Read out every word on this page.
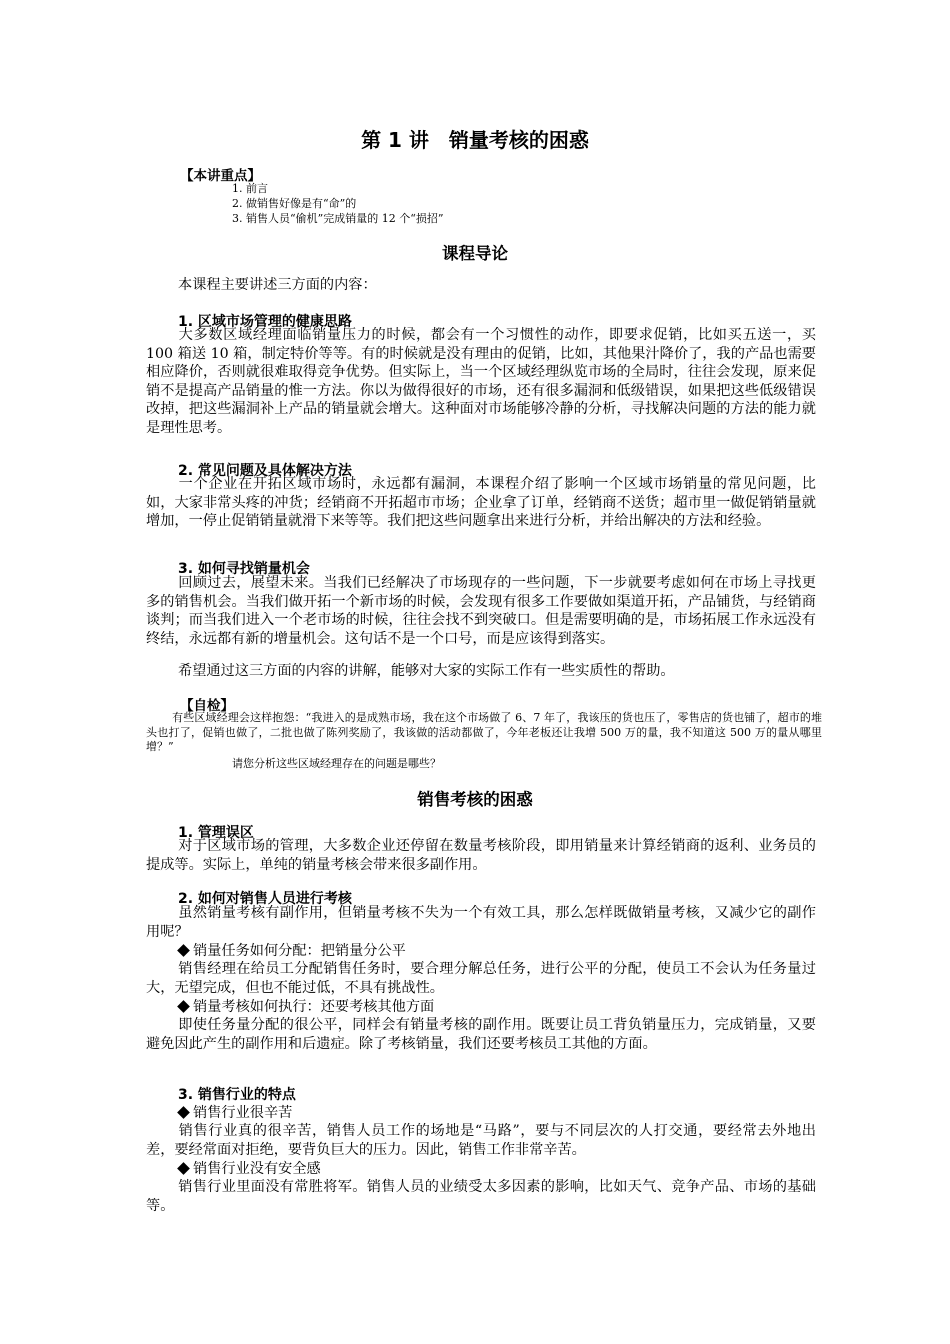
第 1 讲　销量考核的困惑
【本讲重点】
1. 前言
2. 做销售好像是有“命”的
3. 销售人员“偷机”完成销量的 12 个“损招”
课程导论
本课程主要讲述三方面的内容：
1. 区域市场管理的健康思路
大多数区域经理面临销量压力的时候，都会有一个习惯性的动作，即要求促销，比如买五送一，买 100 箱送 10 箱，制定特价等等。有的时候就是没有理由的促销，比如，其他果汁降价了，我的产品也需要相应降价，否则就很难取得竞争优势。但实际上，当一个区域经理纵览市场的全局时，往往会发现，原来促销不是提高产品销量的惟一方法。你以为做得很好的市场，还有很多漏洞和低级错误，如果把这些低级错误改掉，把这些漏洞补上产品的销量就会增大。这种面对市场能够冷静的分析，寻找解决问题的方法的能力就是理性思考。
2. 常见问题及具体解决方法
一个企业在开拓区域市场时，永远都有漏洞，本课程介绍了影响一个区域市场销量的常见问题，比如，大家非常头疼的冲货；经销商不开拓超市市场；企业拿了订单，经销商不送货；超市里一做促销销量就增加，一停止促销销量就滑下来等等。我们把这些问题拿出来进行分析，并给出解决的方法和经验。
3. 如何寻找销量机会
回顾过去，展望未来。当我们已经解决了市场现存的一些问题，下一步就要考虑如何在市场上寻找更多的销售机会。当我们做开拓一个新市场的时候，会发现有很多工作要做如渠道开拓，产品铺货，与经销商谈判；而当我们进入一个老市场的时候，往往会找不到突破口。但是需要明确的是，市场拓展工作永远没有终结，永远都有新的增量机会。这句话不是一个口号，而是应该得到落实。
希望通过这三方面的内容的讲解，能够对大家的实际工作有一些实质性的帮助。
【自检】
有些区域经理会这样抱怨：“我进入的是成熟市场，我在这个市场做了 6、7 年了，我该压的货也压了，零售店的货也铺了，超市的堆头也打了，促销也做了，二批也做了陈列奖励了，我该做的活动都做了，今年老板还让我增 500 万的量，我不知道这 500 万的量从哪里增？”
请您分析这些区域经理存在的问题是哪些？
销售考核的困惑
1. 管理误区
对于区域市场的管理，大多数企业还停留在数量考核阶段，即用销量来计算经销商的返利、业务员的提成等。实际上，单纯的销量考核会带来很多副作用。
2. 如何对销售人员进行考核
虽然销量考核有副作用，但销量考核不失为一个有效工具，那么怎样既做销量考核，又减少它的副作用呢？
销量任务如何分配：把销量分公平
销售经理在给员工分配销售任务时，要合理分解总任务，进行公平的分配，使员工不会认为任务量过大，无望完成，但也不能过低，不具有挑战性。
销量考核如何执行：还要考核其他方面
即使任务量分配的很公平，同样会有销量考核的副作用。既要让员工背负销量压力，完成销量，又要避免因此产生的副作用和后遗症。除了考核销量，我们还要考核员工其他的方面。
3. 销售行业的特点
销售行业很辛苦
销售行业真的很辛苦，销售人员工作的场地是“马路”，要与不同层次的人打交通，要经常去外地出差，要经常面对拒绝，要背负巨大的压力。因此，销售工作非常辛苦。
销售行业没有安全感
销售行业里面没有常胜将军。销售人员的业绩受太多因素的影响，比如天气、竞争产品、市场的基础等。
